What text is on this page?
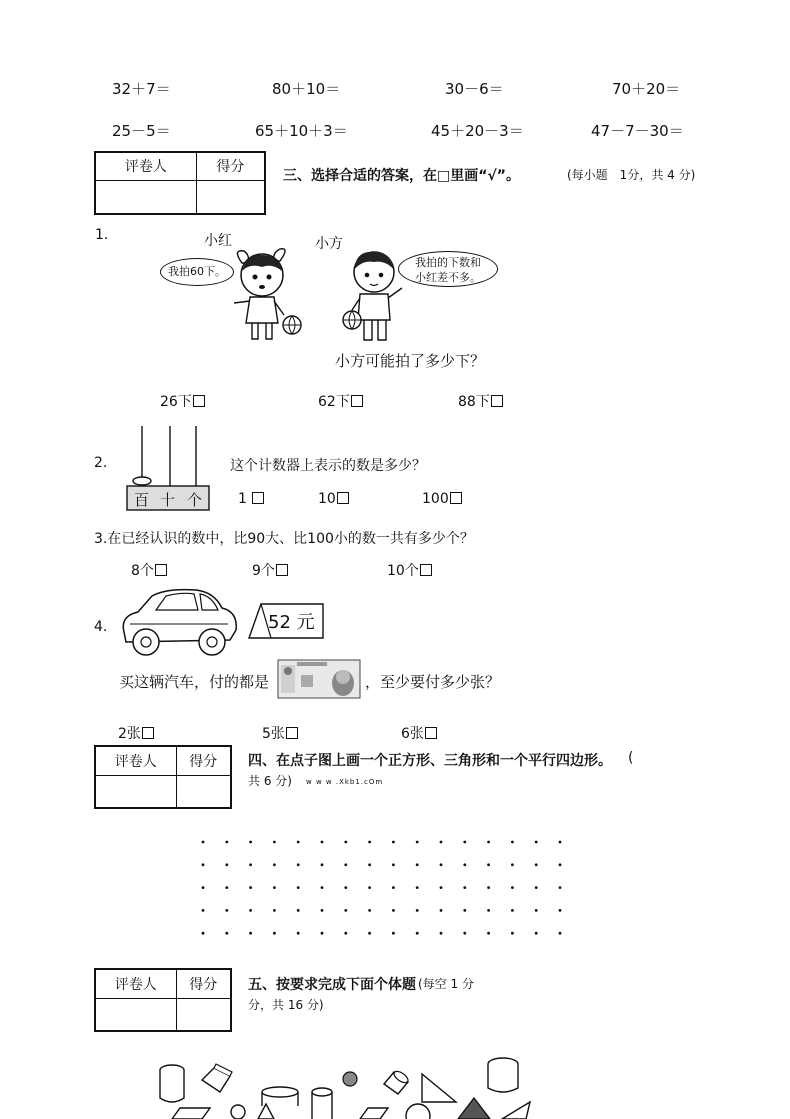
32＋7＝	80＋10＝	30－6＝	70＋20＝
25－5＝	65＋10＋3＝	45＋20－3＝	47－7－30＝
评卷人	得分

三、选择合适的答案，在□里画“√”。	(每小题　1分，共 4 分)
1.	小红	小方
我拍60下。
我拍的下数和
小红差不多。
小方可能拍了多少下？
26下	62下	88下
2.
百 十 个
这个计数器上表示的数是多少？
1	10	100
3.在已经认识的数中，比90大、比100小的数一共有多少个？
8个	9个	10个
4.	52 元
买这辆汽车，付的都是	，至少要付多少张？
2张	5张	6张
评卷人	得分
	四、在点子图上画一个正方形、三角形和一个平行四边形。 (
共 6 分) w w w .Xkb1.cOm
评卷人	得分
	五、按要求完成下面个体题 (每空 1 分
分，共 16 分)
